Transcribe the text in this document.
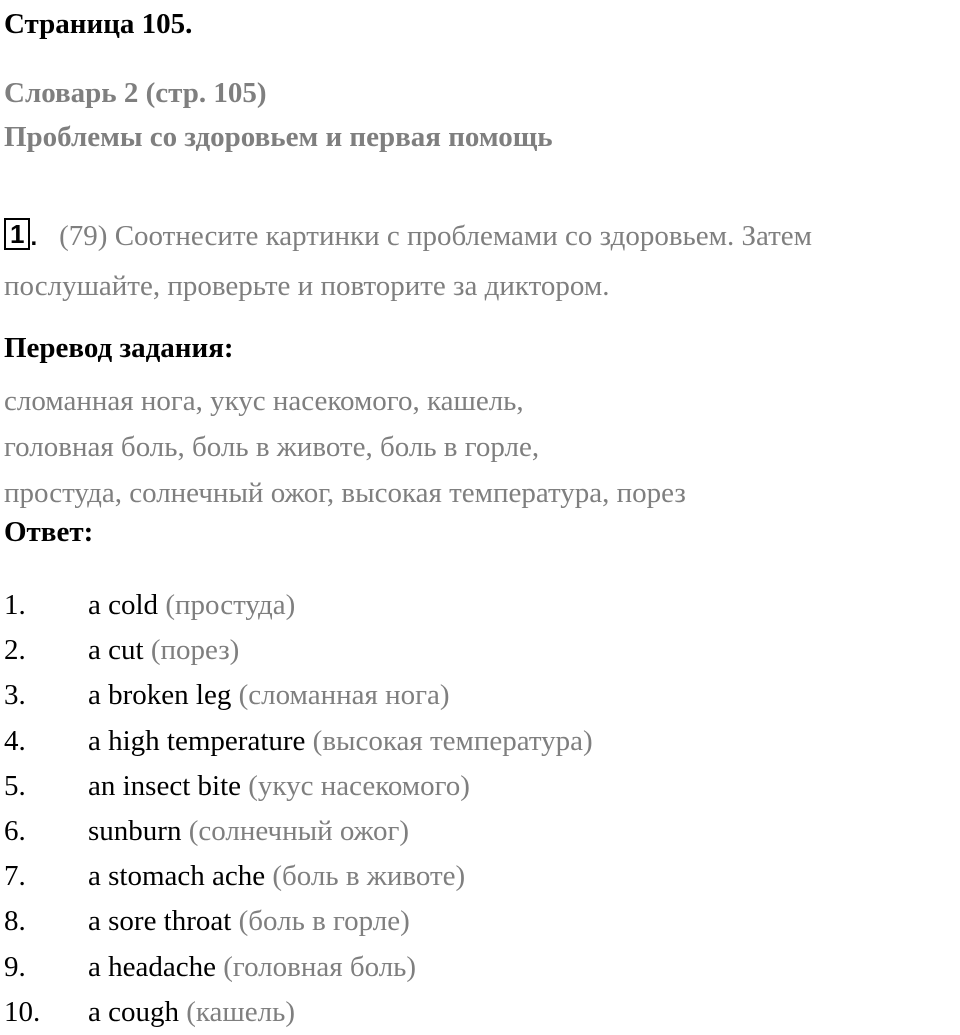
Страница 105.
Словарь 2 (стр. 105)
Проблемы со здоровьем и первая помощь
1 . (79) Соотнесите картинки с проблемами со здоровьем. Затем послушайте, проверьте и повторите за диктором.
Перевод задания:
сломанная нога, укус насекомого, кашель,
головная боль, боль в животе, боль в горле,
простуда, солнечный ожог, высокая температура, порез
Ответ:
1. a cold (простуда)
2. a cut (порез)
3. a broken leg (сломанная нога)
4. a high temperature (высокая температура)
5. an insect bite (укус насекомого)
6. sunburn (солнечный ожог)
7. a stomach ache (боль в животе)
8. a sore throat (боль в горле)
9. a headache (головная боль)
10. a cough (кашель)
